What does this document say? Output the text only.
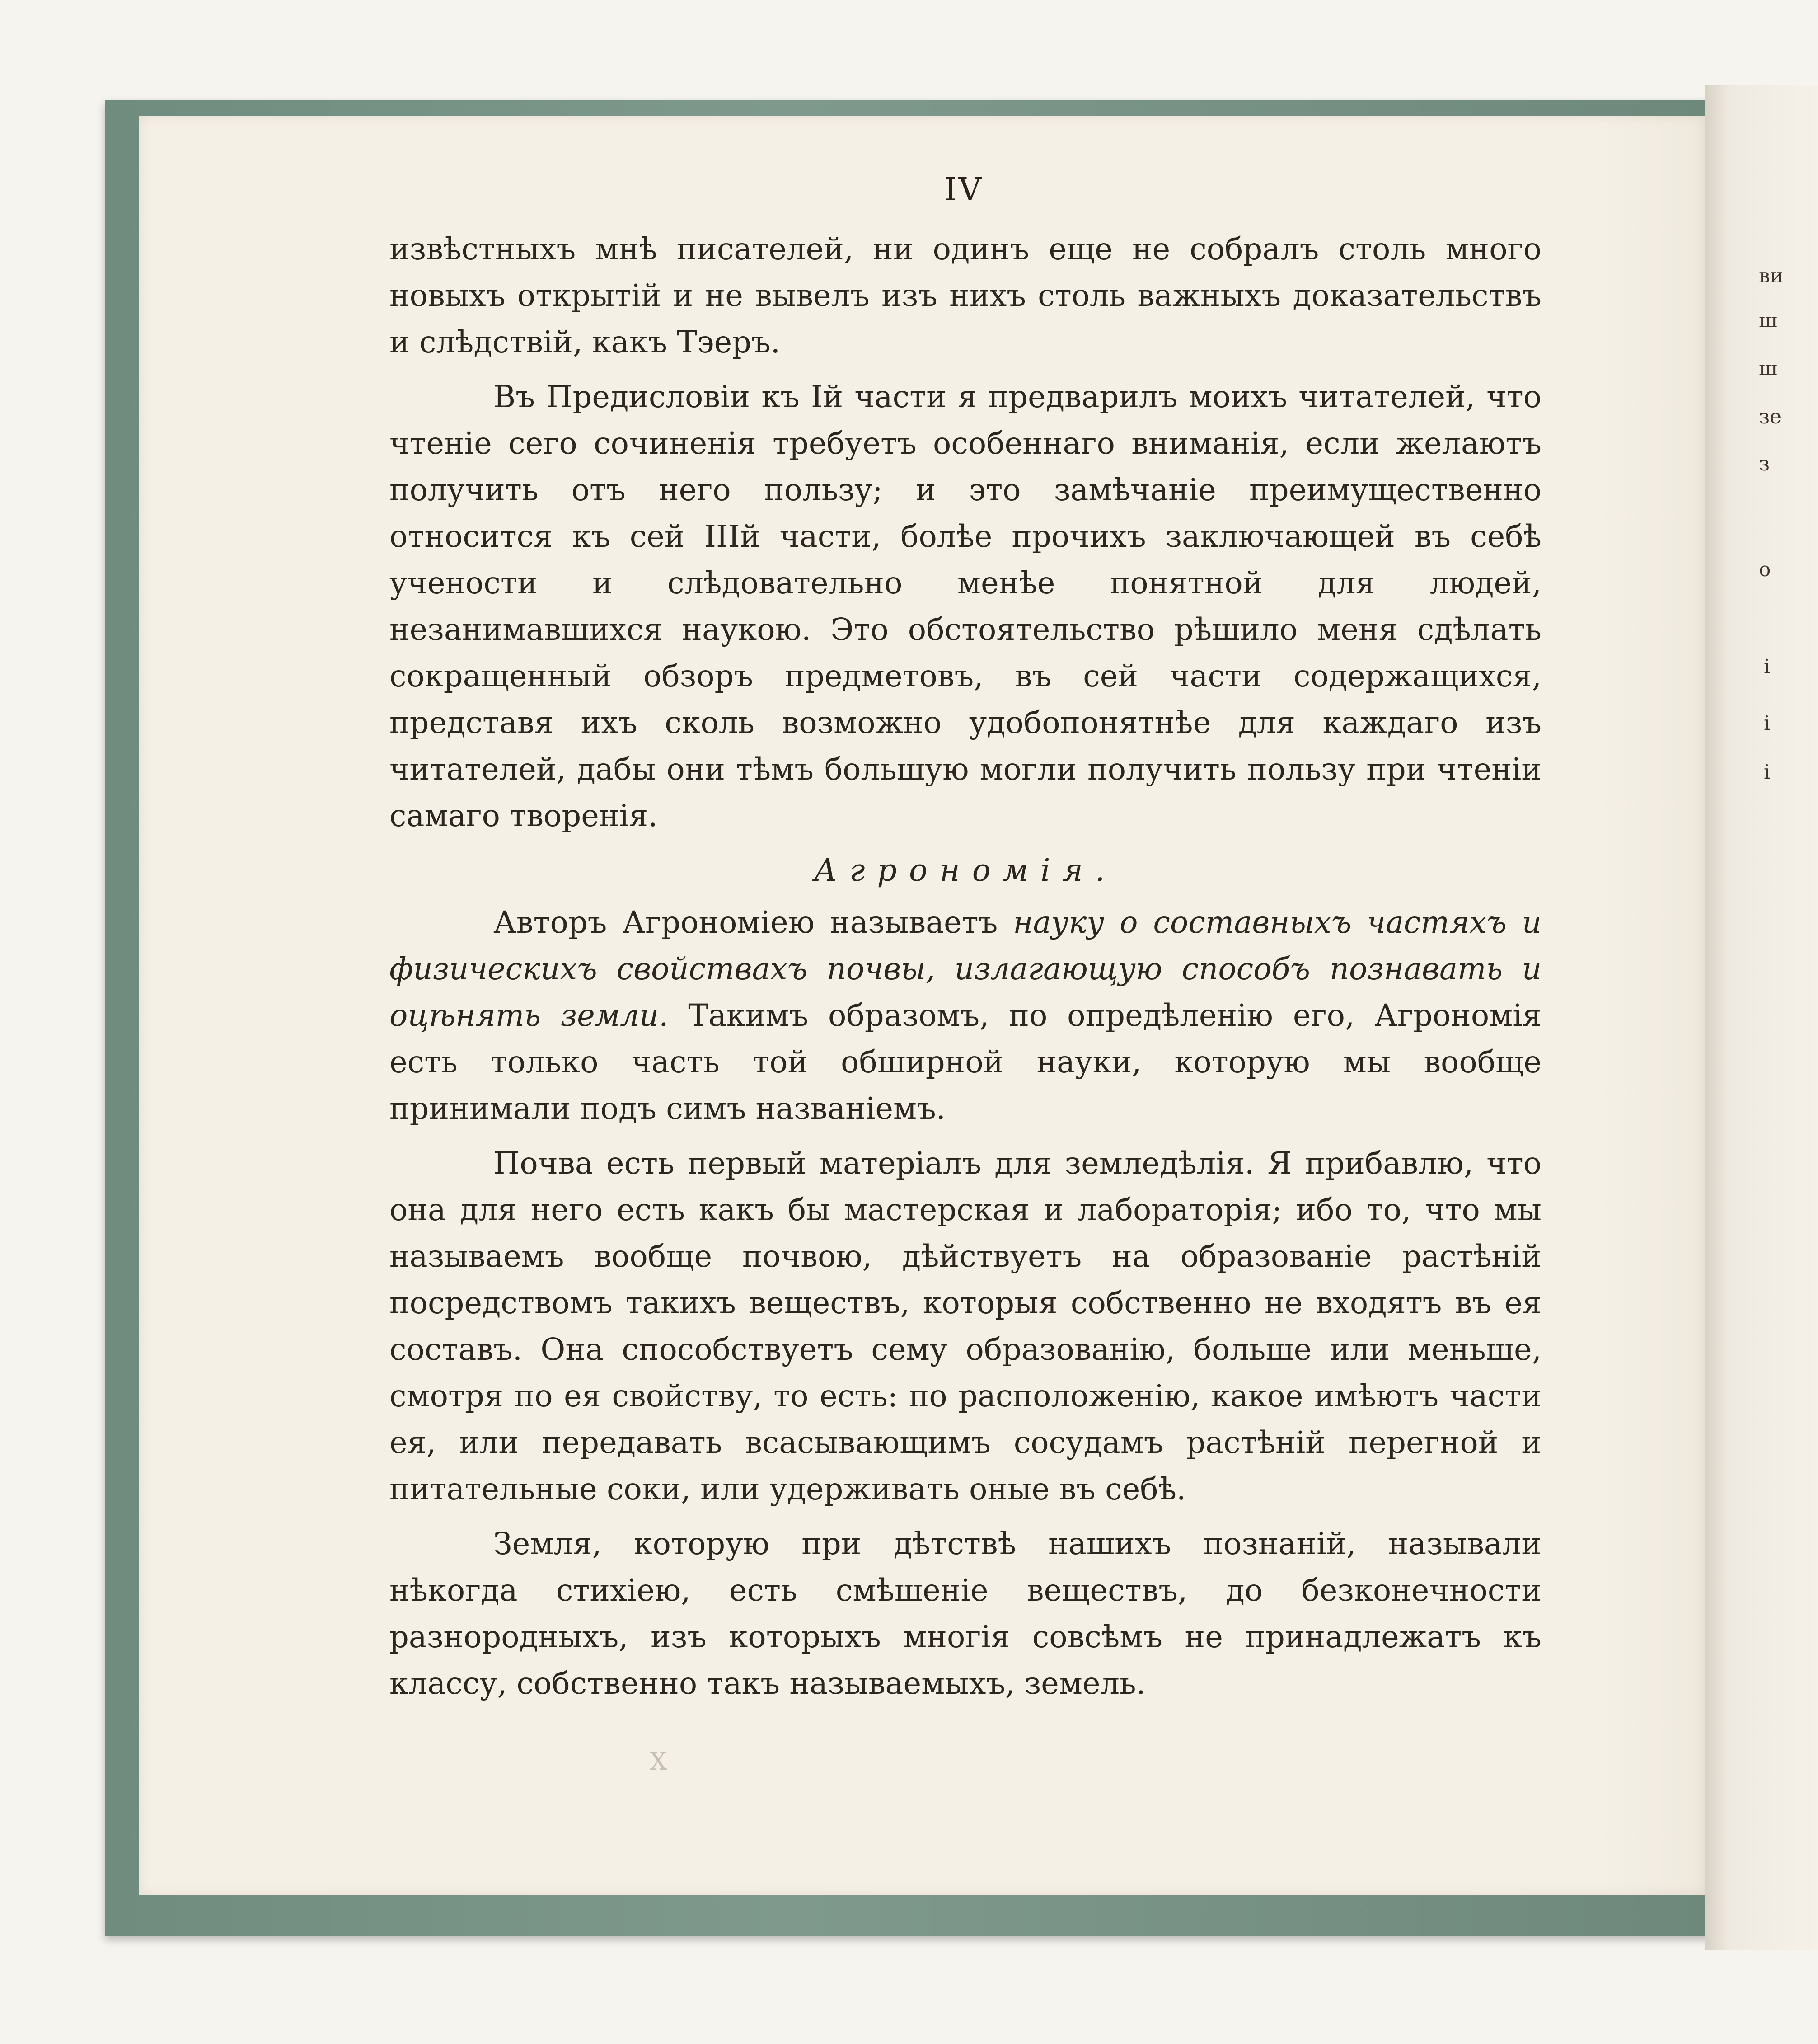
ви
ш
ш
зе
з
о
і
і
і
IV

извѣстныхъ мнѣ писателей, ни одинъ еще не собралъ столь много новыхъ открытій и не вывелъ изъ нихъ столь важныхъ доказательствъ и слѣдствій, какъ Тэеръ.

Въ Предисловіи къ Iй части я предварилъ моихъ читателей, что чтеніе сего сочиненія требуетъ особеннаго вниманія, если желаютъ получить отъ него пользу; и это замѣчаніе преимущественно относится къ сей IIIй части, болѣе прочихъ заключающей въ себѣ учености и слѣдовательно менѣе понятной для людей, незанимавшихся наукою. Это обстоятельство рѣшило меня сдѣлать сокращенный обзоръ предметовъ, въ сей части содержащихся, представя ихъ сколь возможно удобопонятнѣе для каждаго изъ читателей, дабы они тѣмъ большую могли получить пользу при чтеніи самаго творенія.

Агрономія.

Авторъ Агрономіею называетъ науку о составныхъ частяхъ и физическихъ свойствахъ почвы, излагающую способъ познавать и оцѣнять земли. Такимъ образомъ, по опредѣленію его, Агрономія есть только часть той обширной науки, которую мы вообще принимали подъ симъ названіемъ.

Почва есть первый матеріалъ для земледѣлія. Я прибавлю, что она для него есть какъ бы мастерская и лабораторія; ибо то, что мы называемъ вообще почвою, дѣйствуетъ на образованіе растѣній посредствомъ такихъ веществъ, которыя собственно не входятъ въ ея составъ. Она способствуетъ сему образованію, больше или меньше, смотря по ея свойству, то есть: по расположенію, какое имѣютъ части ея, или передавать всасывающимъ сосудамъ растѣній перегной и питательные соки, или удерживать оные въ себѣ.

Земля, которую при дѣтствѣ нашихъ познаній, называли нѣкогда стихіею, есть смѣшеніе веществъ, до безконечности разнородныхъ, изъ которыхъ многія совсѣмъ не принадлежатъ къ классу, собственно такъ называемыхъ, земель.

X
